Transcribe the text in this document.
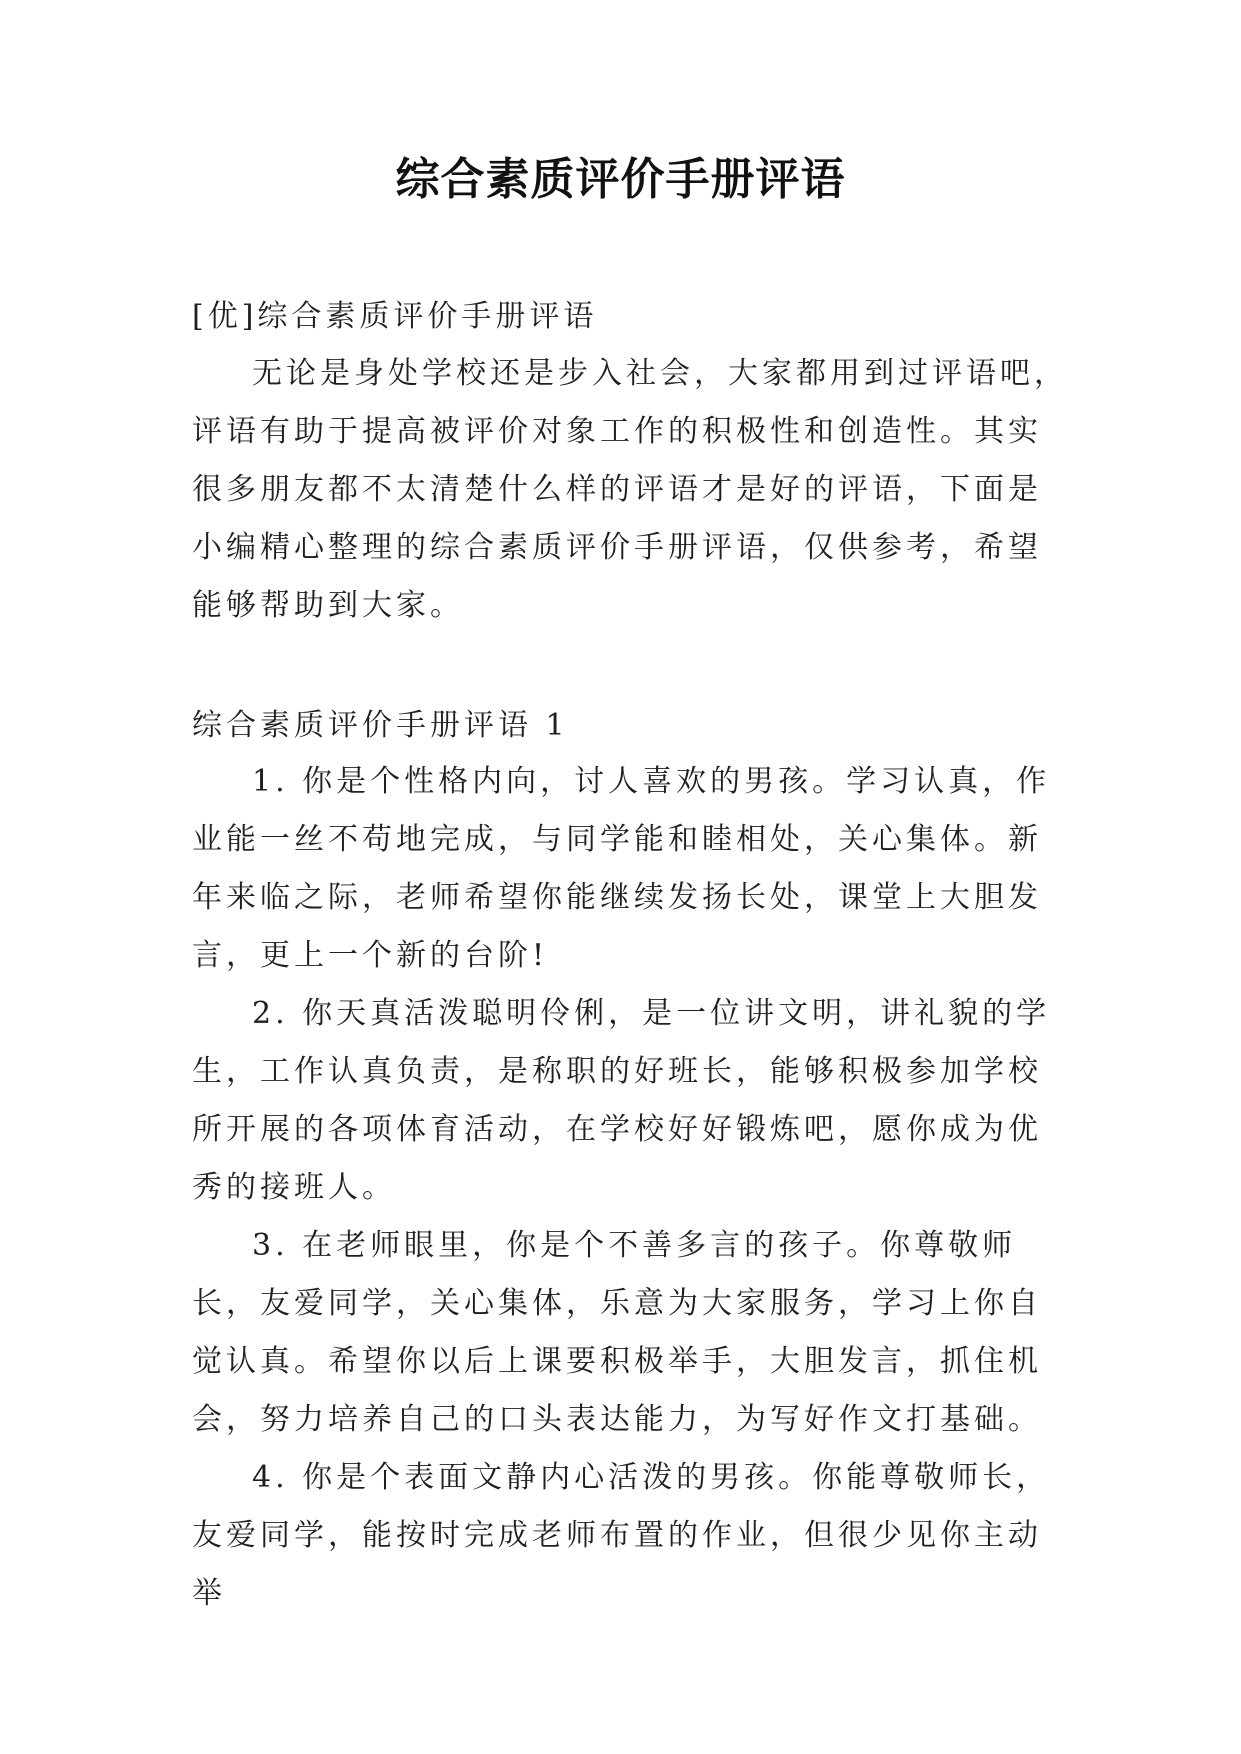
综合素质评价手册评语

[优]综合素质评价手册评语

无论是身处学校还是步入社会，大家都用到过评语吧，评语有助于提高被评价对象工作的积极性和创造性。其实很多朋友都不太清楚什么样的评语才是好的评语，下面是小编精心整理的综合素质评价手册评语，仅供参考，希望能够帮助到大家。

综合素质评价手册评语 1

1. 你是个性格内向，讨人喜欢的男孩。学习认真，作业能一丝不苟地完成，与同学能和睦相处，关心集体。新年来临之际，老师希望你能继续发扬长处，课堂上大胆发言，更上一个新的台阶!

2. 你天真活泼聪明伶俐，是一位讲文明，讲礼貌的学生，工作认真负责，是称职的好班长，能够积极参加学校所开展的各项体育活动，在学校好好锻炼吧，愿你成为优秀的接班人。

3. 在老师眼里，你是个不善多言的孩子。你尊敬师长，友爱同学，关心集体，乐意为大家服务，学习上你自觉认真。希望你以后上课要积极举手，大胆发言，抓住机会，努力培养自己的口头表达能力，为写好作文打基础。

4. 你是个表面文静内心活泼的男孩。你能尊敬师长，友爱同学，能按时完成老师布置的作业，但很少见你主动举
